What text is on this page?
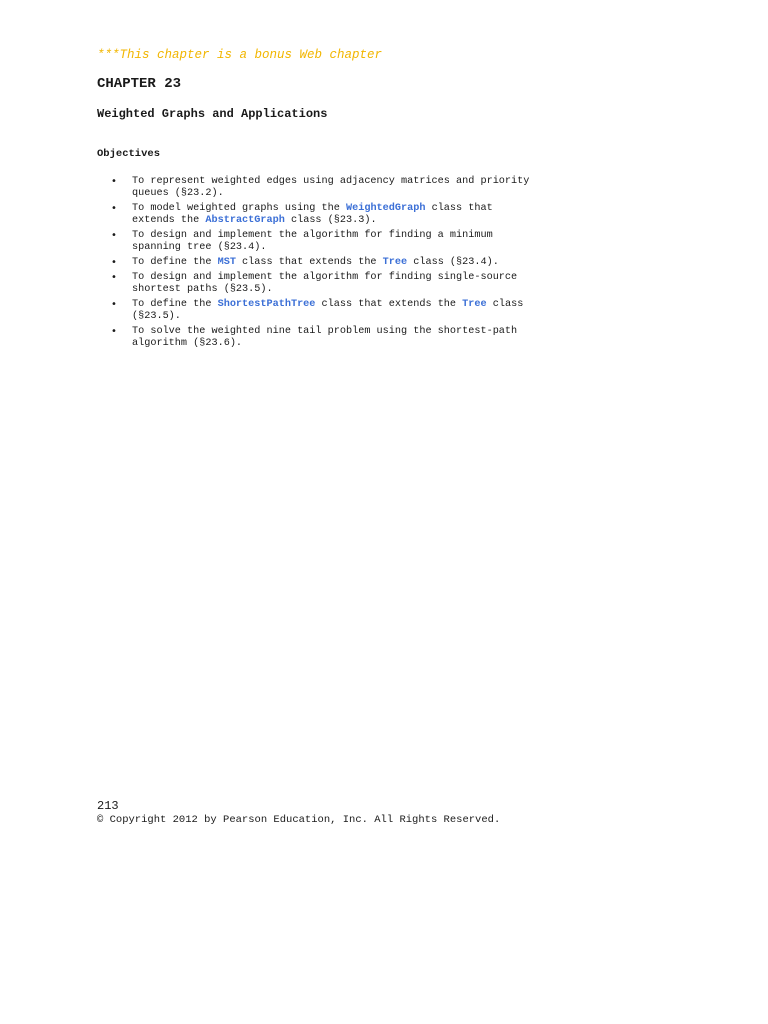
***This chapter is a bonus Web chapter
CHAPTER 23
Weighted Graphs and Applications
Objectives
• To represent weighted edges using adjacency matrices and priority
queues (§23.2).
• To model weighted graphs using the WeightedGraph class that
extends the AbstractGraph class (§23.3).
• To design and implement the algorithm for finding a minimum
spanning tree (§23.4).
• To define the MST class that extends the Tree class (§23.4).
• To design and implement the algorithm for finding single-source
shortest paths (§23.5).
• To define the ShortestPathTree class that extends the Tree class
(§23.5).
• To solve the weighted nine tail problem using the shortest-path
algorithm (§23.6).
213
© Copyright 2012 by Pearson Education, Inc. All Rights Reserved.
